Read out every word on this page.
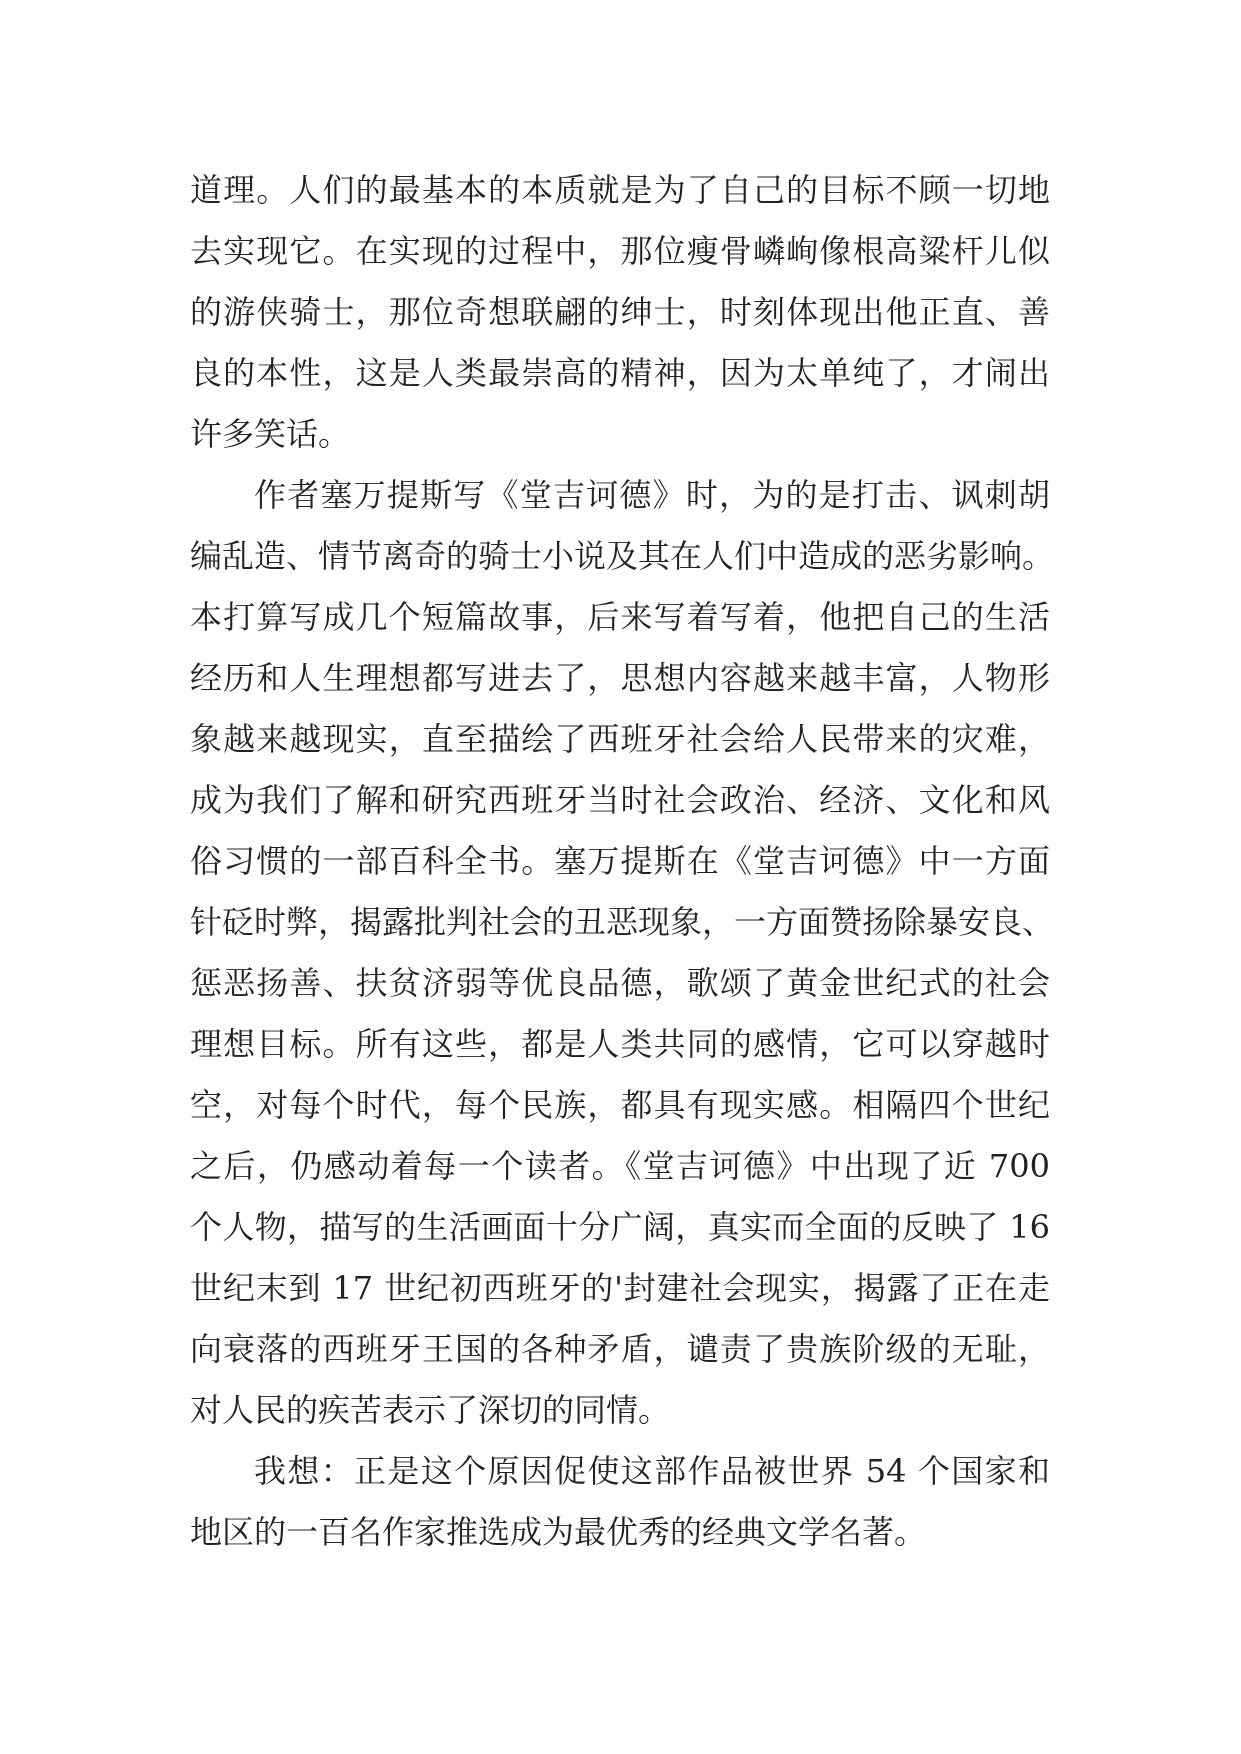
道理。人们的最基本的本质就是为了自己的目标不顾一切地
去实现它。在实现的过程中，那位瘦骨嶙峋像根高粱杆儿似
的游侠骑士，那位奇想联翩的绅士，时刻体现出他正直、善
良的本性，这是人类最崇高的精神，因为太单纯了，才闹出
许多笑话。
作者塞万提斯写《堂吉诃德》时，为的是打击、讽刺胡
编乱造、情节离奇的骑士小说及其在人们中造成的恶劣影响。
本打算写成几个短篇故事，后来写着写着，他把自己的生活
经历和人生理想都写进去了，思想内容越来越丰富，人物形
象越来越现实，直至描绘了西班牙社会给人民带来的灾难，
成为我们了解和研究西班牙当时社会政治、经济、文化和风
俗习惯的一部百科全书。塞万提斯在《堂吉诃德》中一方面
针砭时弊，揭露批判社会的丑恶现象，一方面赞扬除暴安良、
惩恶扬善、扶贫济弱等优良品德，歌颂了黄金世纪式的社会
理想目标。所有这些，都是人类共同的感情，它可以穿越时
空，对每个时代，每个民族，都具有现实感。相隔四个世纪
之后，仍感动着每一个读者。《堂吉诃德》中出现了近 700
个人物，描写的生活画面十分广阔，真实而全面的反映了 16
世纪末到 17 世纪初西班牙的'封建社会现实，揭露了正在走
向衰落的西班牙王国的各种矛盾，谴责了贵族阶级的无耻，
对人民的疾苦表示了深切的同情。
我想：正是这个原因促使这部作品被世界 54 个国家和
地区的一百名作家推选成为最优秀的经典文学名著。
